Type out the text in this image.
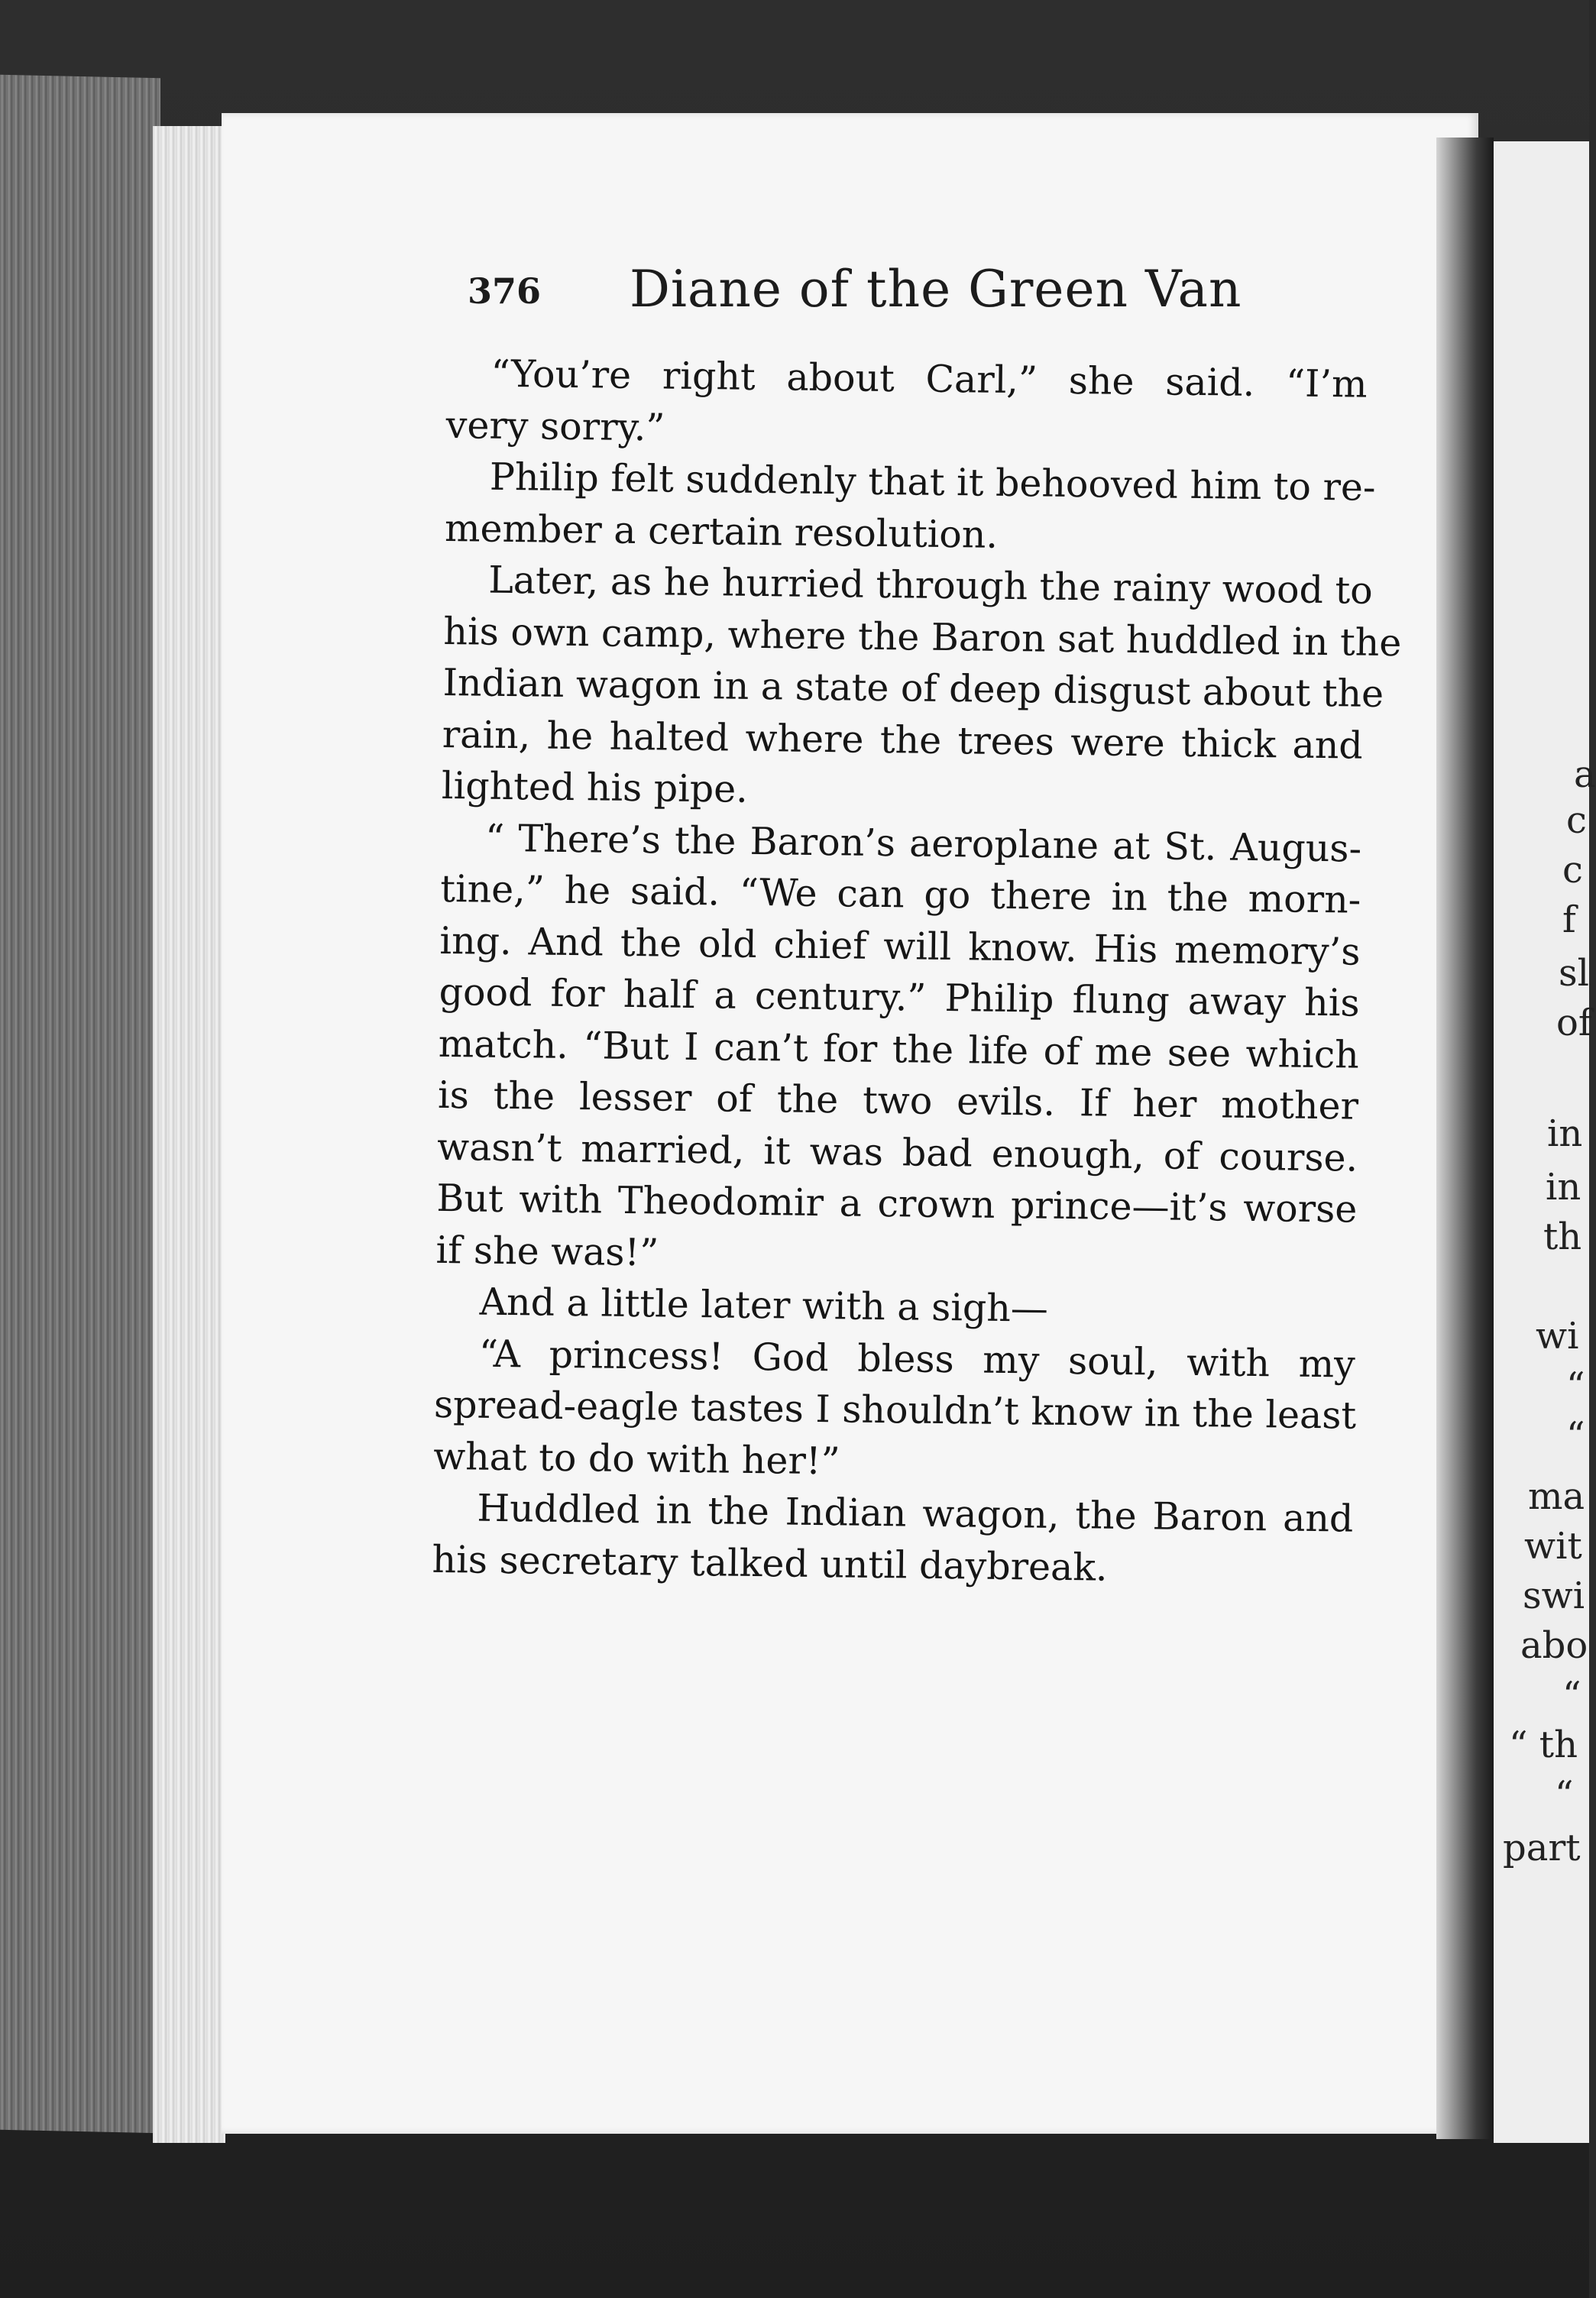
376 Diane of the Green Van
“You’re right about Carl,” she said. “I’m
very sorry.”
Philip felt suddenly that it behooved him to re-
member a certain resolution.
Later, as he hurried through the rainy wood to
his own camp, where the Baron sat huddled in the
Indian wagon in a state of deep disgust about the
rain, he halted where the trees were thick and
lighted his pipe.
“ There’s the Baron’s aeroplane at St. Augus-
tine,” he said. “We can go there in the morn-
ing. And the old chief will know. His memory’s
good for half a century.” Philip flung away his
match. “But I can’t for the life of me see which
is the lesser of the two evils. If her mother
wasn’t married, it was bad enough, of course.
But with Theodomir a crown prince—it’s worse
if she was!”
And a little later with a sigh—
“A princess! God bless my soul, with my
spread-eagle tastes I shouldn’t know in the least
what to do with her!”
Huddled in the Indian wagon, the Baron and
his secretary talked until daybreak.
a
c
c
f
sl
of
in
in
th
wi
“
“
ma
wit
swi
abo
“
“ th
“
part
